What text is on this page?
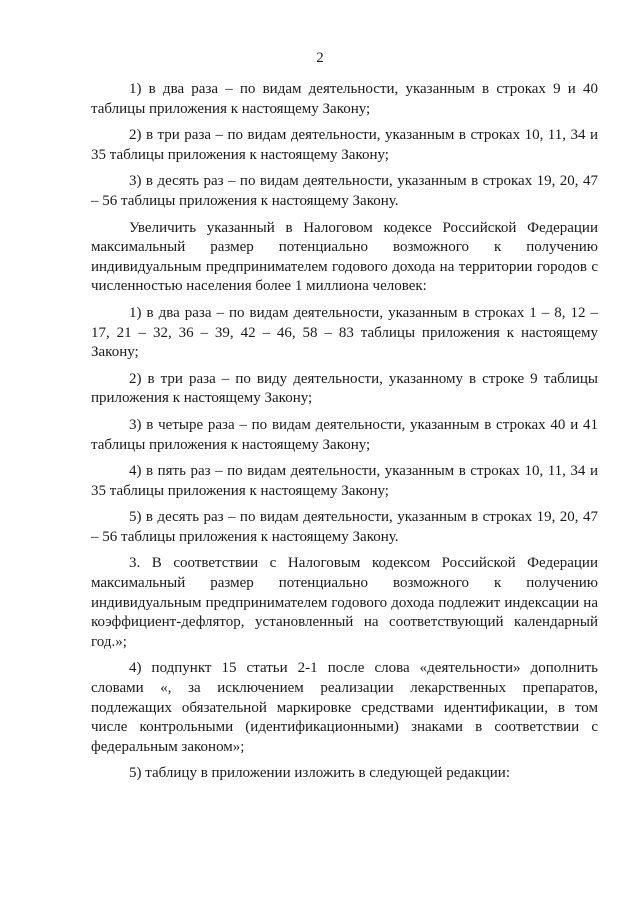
2

1) в два раза – по видам деятельности, указанным в строках 9 и 40 таблицы приложения к настоящему Закону;

2) в три раза – по видам деятельности, указанным в строках 10, 11, 34 и 35 таблицы приложения к настоящему Закону;

3) в десять раз – по видам деятельности, указанным в строках 19, 20, 47 – 56 таблицы приложения к настоящему Закону.

Увеличить указанный в Налоговом кодексе Российской Федерации максимальный размер потенциально возможного к получению индивидуальным предпринимателем годового дохода на территории городов с численностью населения более 1 миллиона человек:

1) в два раза – по видам деятельности, указанным в строках 1 – 8, 12 – 17, 21 – 32, 36 – 39, 42 – 46, 58 – 83 таблицы приложения к настоящему Закону;

2) в три раза – по виду деятельности, указанному в строке 9 таблицы приложения к настоящему Закону;

3) в четыре раза – по видам деятельности, указанным в строках 40 и 41 таблицы приложения к настоящему Закону;

4) в пять раз – по видам деятельности, указанным в строках 10, 11, 34 и 35 таблицы приложения к настоящему Закону;

5) в десять раз – по видам деятельности, указанным в строках 19, 20, 47 – 56 таблицы приложения к настоящему Закону.

3. В соответствии с Налоговым кодексом Российской Федерации максимальный размер потенциально возможного к получению индивидуальным предпринимателем годового дохода подлежит индексации на коэффициент-дефлятор, установленный на соответствующий календарный год.»;

4) подпункт 15 статьи 2-1 после слова «деятельности» дополнить словами «, за исключением реализации лекарственных препаратов, подлежащих обязательной маркировке средствами идентификации, в том числе контрольными (идентификационными) знаками в соответствии с федеральным законом»;

5) таблицу в приложении изложить в следующей редакции:
